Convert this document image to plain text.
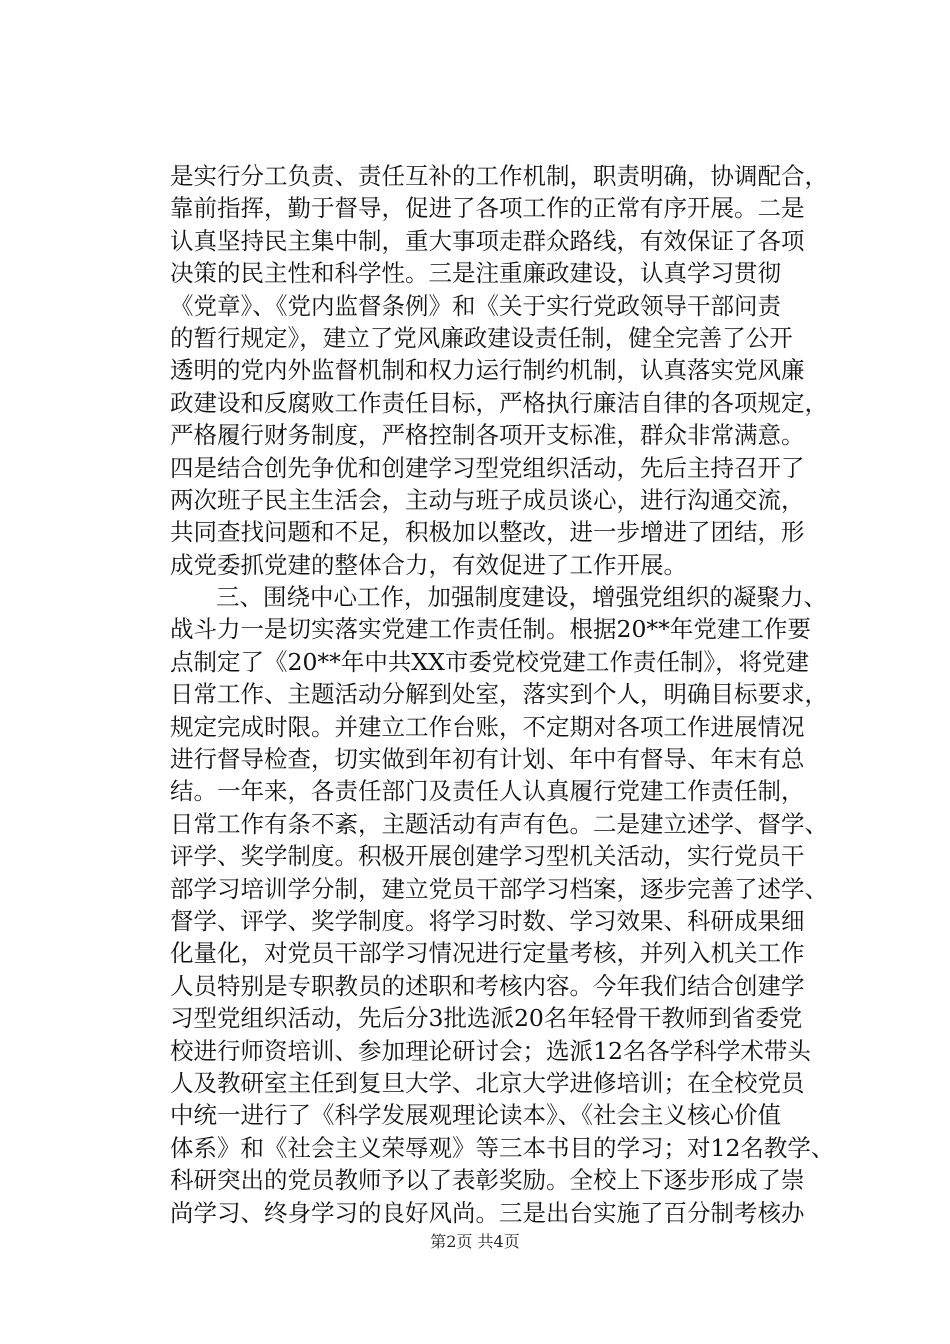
是实行分工负责、责任互补的工作机制，职责明确，协调配合，
靠前指挥，勤于督导，促进了各项工作的正常有序开展。二是
认真坚持民主集中制，重大事项走群众路线，有效保证了各项
决策的民主性和科学性。三是注重廉政建设，认真学习贯彻
《党章》、《党内监督条例》和《关于实行党政领导干部问责
的暂行规定》，建立了党风廉政建设责任制，健全完善了公开
透明的党内外监督机制和权力运行制约机制，认真落实党风廉
政建设和反腐败工作责任目标，严格执行廉洁自律的各项规定，
严格履行财务制度，严格控制各项开支标准，群众非常满意。
四是结合创先争优和创建学习型党组织活动，先后主持召开了
两次班子民主生活会，主动与班子成员谈心，进行沟通交流，
共同查找问题和不足，积极加以整改，进一步增进了团结，形
成党委抓党建的整体合力，有效促进了工作开展。
三、围绕中心工作，加强制度建设，增强党组织的凝聚力、
战斗力一是切实落实党建工作责任制。根据20**年党建工作要
点制定了《20**年中共XX市委党校党建工作责任制》，将党建
日常工作、主题活动分解到处室，落实到个人，明确目标要求，
规定完成时限。并建立工作台账，不定期对各项工作进展情况
进行督导检查，切实做到年初有计划、年中有督导、年末有总
结。一年来，各责任部门及责任人认真履行党建工作责任制，
日常工作有条不紊，主题活动有声有色。二是建立述学、督学、
评学、奖学制度。积极开展创建学习型机关活动，实行党员干
部学习培训学分制，建立党员干部学习档案，逐步完善了述学、
督学、评学、奖学制度。将学习时数、学习效果、科研成果细
化量化，对党员干部学习情况进行定量考核，并列入机关工作
人员特别是专职教员的述职和考核内容。今年我们结合创建学
习型党组织活动，先后分3批选派20名年轻骨干教师到省委党
校进行师资培训、参加理论研讨会；选派12名各学科学术带头
人及教研室主任到复旦大学、北京大学进修培训；在全校党员
中统一进行了《科学发展观理论读本》、《社会主义核心价值
体系》和《社会主义荣辱观》等三本书目的学习；对12名教学、
科研突出的党员教师予以了表彰奖励。全校上下逐步形成了崇
尚学习、终身学习的良好风尚。三是出台实施了百分制考核办
第2页 共4页
